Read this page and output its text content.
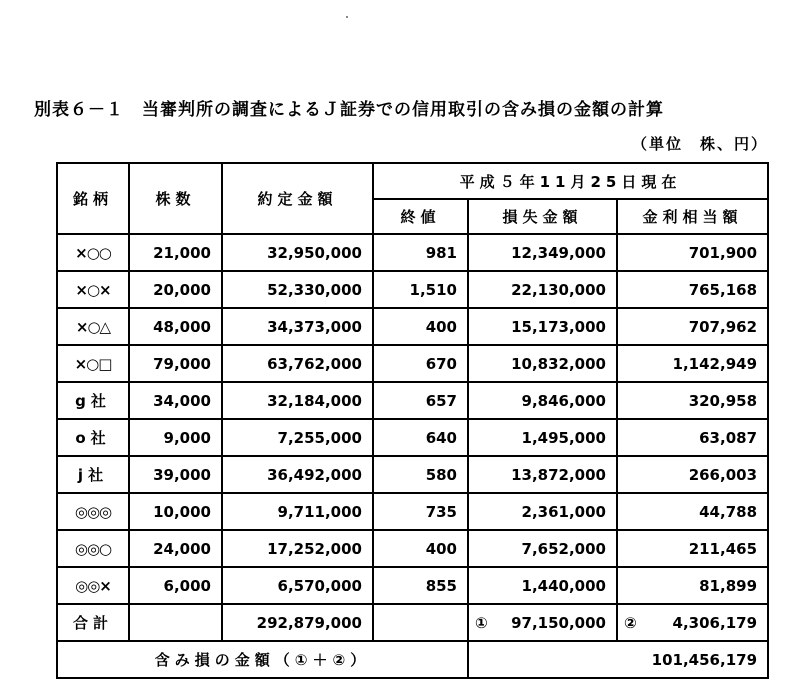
別表６－１　当審判所の調査によるＪ証券での信用取引の含み損の金額の計算
（単位　株、円）
銘柄	株数	約定金額	平成５年11月25日現在		
			終値	損失金額	金利相当額
×○○	21,000	32,950,000	981	12,349,000	701,900
×○×	20,000	52,330,000	1,510	22,130,000	765,168
×○△	48,000	34,373,000	400	15,173,000	707,962
×○□	79,000	63,762,000	670	10,832,000	1,142,949
g社	34,000	32,184,000	657	9,846,000	320,958
o社	9,000	7,255,000	640	1,495,000	63,087
j社	39,000	36,492,000	580	13,872,000	266,003
◎◎◎	10,000	9,711,000	735	2,361,000	44,788
◎◎○	24,000	17,252,000	400	7,652,000	211,465
◎◎×	6,000	6,570,000	855	1,440,000	81,899
合計		292,879,000		① 97,150,000	② 4,306,179

含み損の金額（①＋②）				101,456,179	
